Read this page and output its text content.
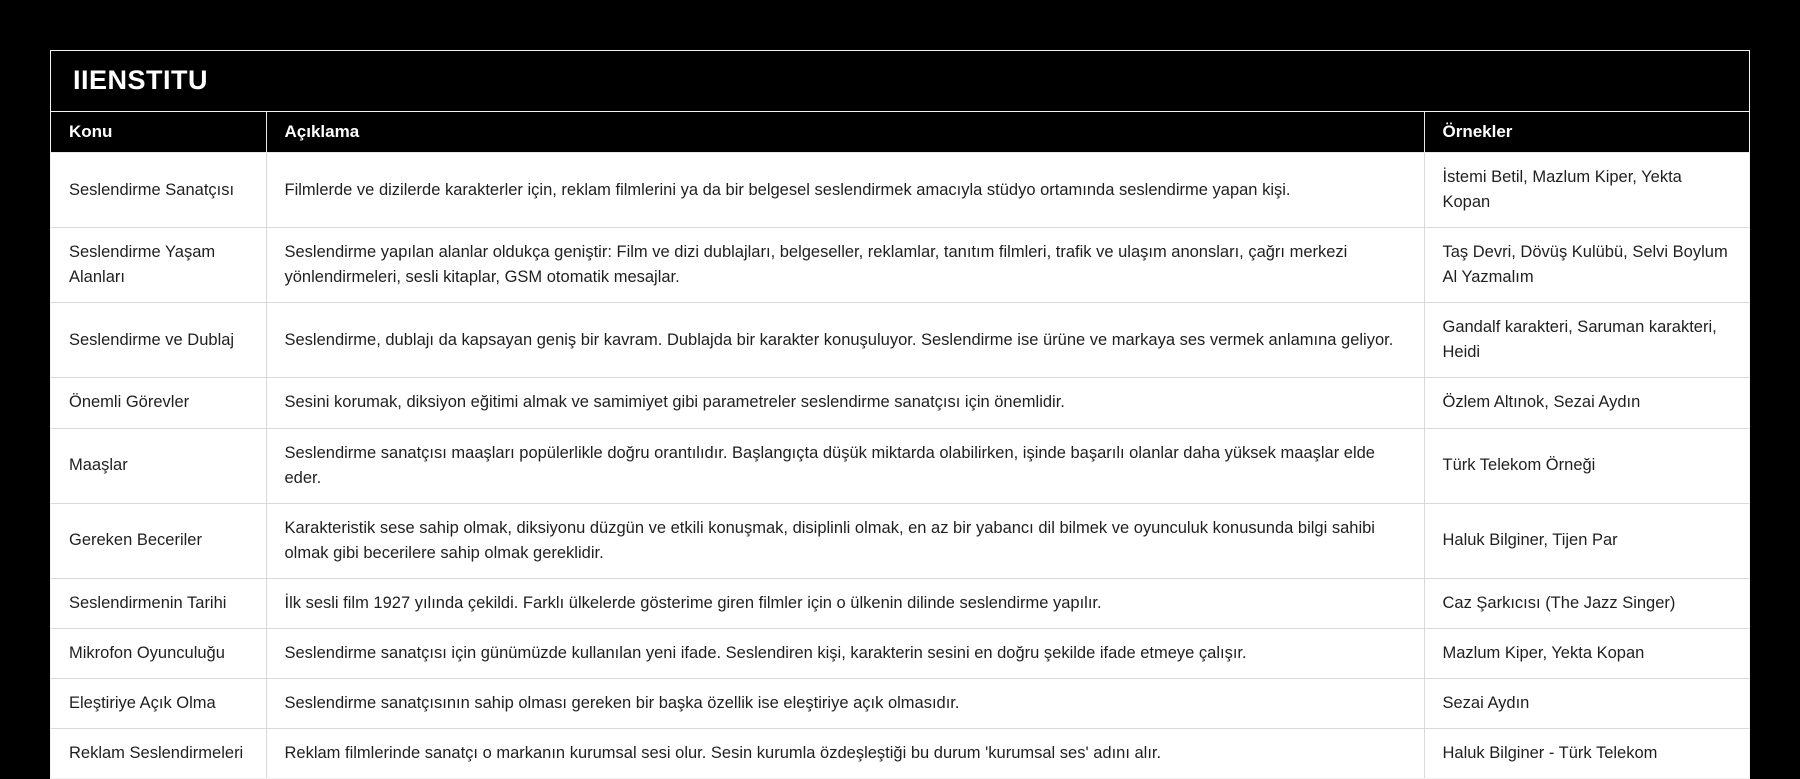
IIENSTITU
Konu	Açıklama	Örnekler
Seslendirme Sanatçısı	Filmlerde ve dizilerde karakterler için, reklam filmlerini ya da bir belgesel seslendirmek amacıyla stüdyo ortamında seslendirme yapan kişi.	İstemi Betil, Mazlum Kiper, Yekta Kopan
Seslendirme Yaşam Alanları	Seslendirme yapılan alanlar oldukça geniştir: Film ve dizi dublajları, belgeseller, reklamlar, tanıtım filmleri, trafik ve ulaşım anonsları, çağrı merkezi yönlendirmeleri, sesli kitaplar, GSM otomatik mesajlar.	Taş Devri, Dövüş Kulübü, Selvi Boylum Al Yazmalım
Seslendirme ve Dublaj	Seslendirme, dublajı da kapsayan geniş bir kavram. Dublajda bir karakter konuşuluyor. Seslendirme ise ürüne ve markaya ses vermek anlamına geliyor.	Gandalf karakteri, Saruman karakteri, Heidi
Önemli Görevler	Sesini korumak, diksiyon eğitimi almak ve samimiyet gibi parametreler seslendirme sanatçısı için önemlidir.	Özlem Altınok, Sezai Aydın
Maaşlar	Seslendirme sanatçısı maaşları popülerlikle doğru orantılıdır. Başlangıçta düşük miktarda olabilirken, işinde başarılı olanlar daha yüksek maaşlar elde eder.	Türk Telekom Örneği
Gereken Beceriler	Karakteristik sese sahip olmak, diksiyonu düzgün ve etkili konuşmak, disiplinli olmak, en az bir yabancı dil bilmek ve oyunculuk konusunda bilgi sahibi olmak gibi becerilere sahip olmak gereklidir.	Haluk Bilginer, Tijen Par
Seslendirmenin Tarihi	İlk sesli film 1927 yılında çekildi. Farklı ülkelerde gösterime giren filmler için o ülkenin dilinde seslendirme yapılır.	Caz Şarkıcısı (The Jazz Singer)
Mikrofon Oyunculuğu	Seslendirme sanatçısı için günümüzde kullanılan yeni ifade. Seslendiren kişi, karakterin sesini en doğru şekilde ifade etmeye çalışır.	Mazlum Kiper, Yekta Kopan
Eleştiriye Açık Olma	Seslendirme sanatçısının sahip olması gereken bir başka özellik ise eleştiriye açık olmasıdır.	Sezai Aydın
Reklam Seslendirmeleri	Reklam filmlerinde sanatçı o markanın kurumsal sesi olur. Sesin kurumla özdeşleştiği bu durum 'kurumsal ses' adını alır.	Haluk Bilginer - Türk Telekom
